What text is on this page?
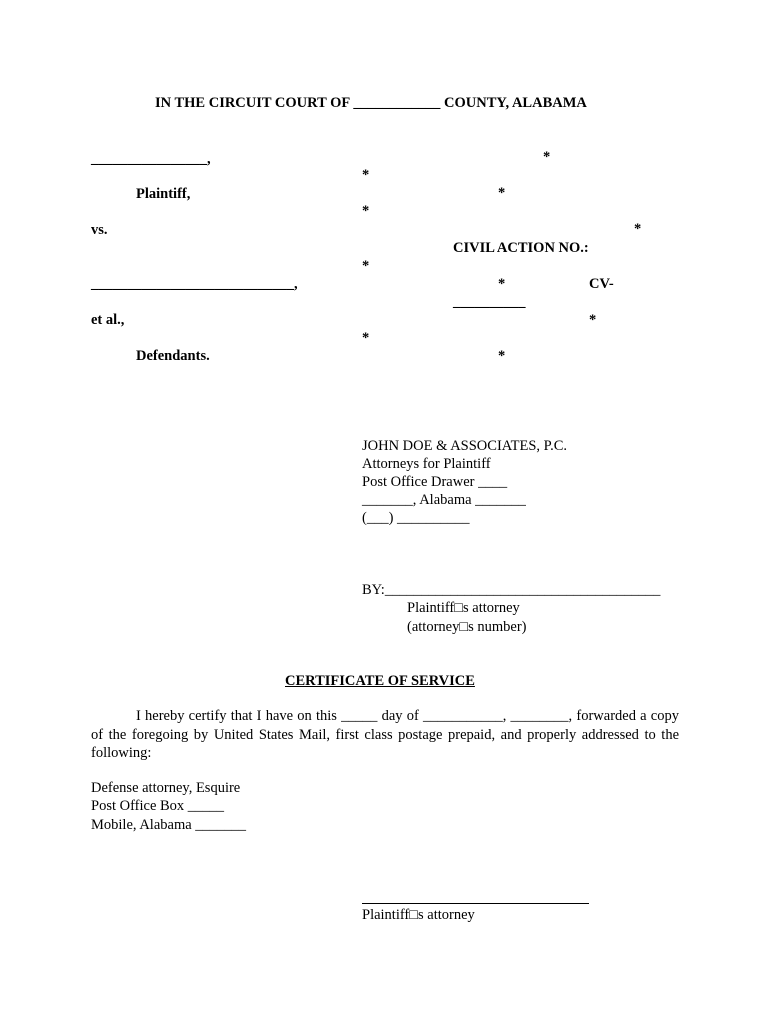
IN THE CIRCUIT COURT OF ____________ COUNTY, ALABAMA
________________,
Plaintiff,
vs.
____________________________,
et al.,
Defendants.
*
*
*
*
*
CIVIL ACTION NO.:
*
*	CV-
__________
*
*
*
JOHN DOE & ASSOCIATES, P.C.
Attorneys for Plaintiff
Post Office Drawer ____
_______, Alabama _______
(___) __________
BY:______________________________________
Plaintiff□s attorney
(attorney□s number)
CERTIFICATE OF SERVICE
I hereby certify that I have on this _____ day of ___________, ________, forwarded a copy of the foregoing by United States Mail, first class postage prepaid, and properly addressed to the following:
Defense attorney, Esquire
Post Office Box _____
Mobile, Alabama _______
Plaintiff□s attorney
